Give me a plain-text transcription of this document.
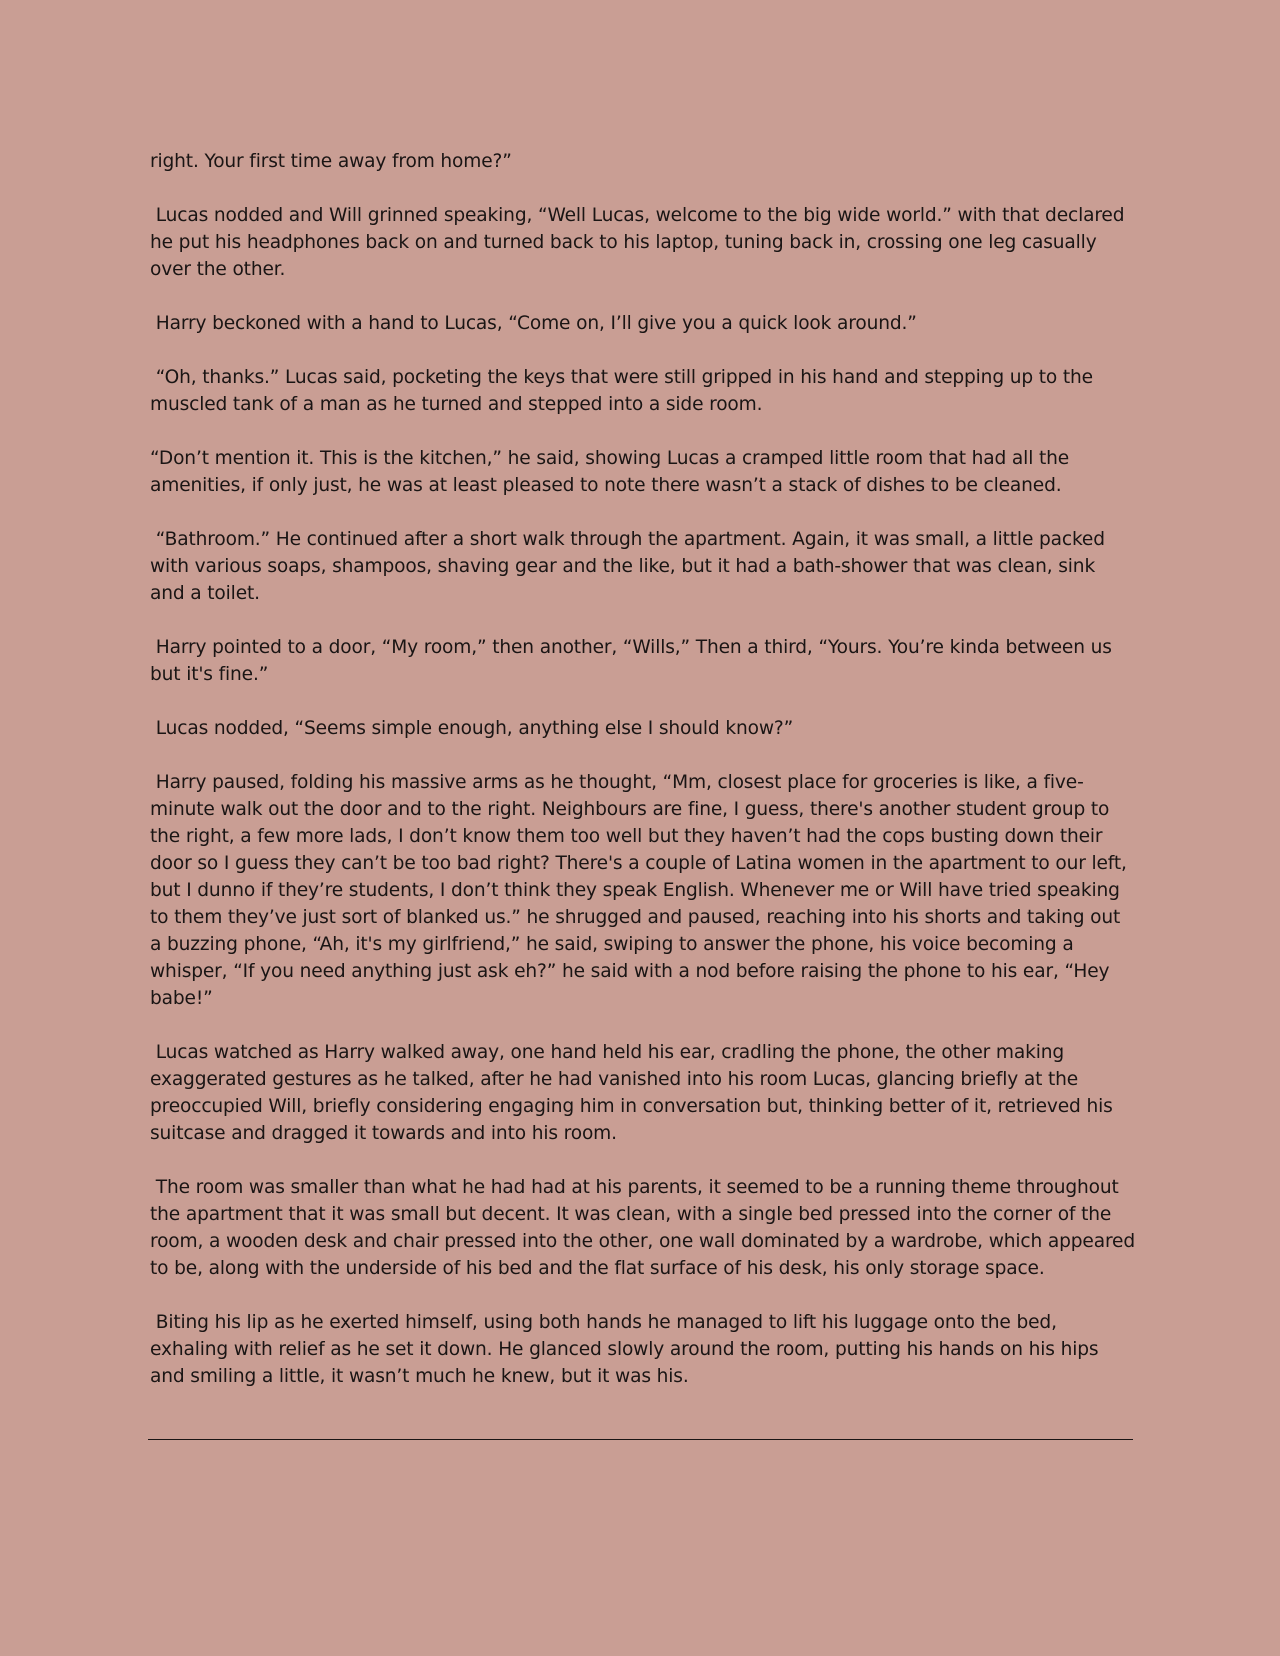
right. Your first time away from home?”

Lucas nodded and Will grinned speaking, “Well Lucas, welcome to the big wide world.” with that declared he put his headphones back on and turned back to his laptop, tuning back in, crossing one leg casually over the other.

Harry beckoned with a hand to Lucas, “Come on, I’ll give you a quick look around.”

“Oh, thanks.” Lucas said, pocketing the keys that were still gripped in his hand and stepping up to the muscled tank of a man as he turned and stepped into a side room.

“Don’t mention it. This is the kitchen,” he said, showing Lucas a cramped little room that had all the amenities, if only just, he was at least pleased to note there wasn’t a stack of dishes to be cleaned.

“Bathroom.” He continued after a short walk through the apartment. Again, it was small, a little packed with various soaps, shampoos, shaving gear and the like, but it had a bath-shower that was clean, sink and a toilet.

Harry pointed to a door, “My room,” then another, “Wills,” Then a third, “Yours. You’re kinda between us but it's fine.”

Lucas nodded, “Seems simple enough, anything else I should know?”

Harry paused, folding his massive arms as he thought, “Mm, closest place for groceries is like, a five-minute walk out the door and to the right. Neighbours are fine, I guess, there's another student group to the right, a few more lads, I don’t know them too well but they haven’t had the cops busting down their door so I guess they can’t be too bad right? There's a couple of Latina women in the apartment to our left, but I dunno if they’re students, I don’t think they speak English. Whenever me or Will have tried speaking to them they’ve just sort of blanked us.” he shrugged and paused, reaching into his shorts and taking out a buzzing phone, “Ah, it's my girlfriend,” he said, swiping to answer the phone, his voice becoming a whisper, “If you need anything just ask eh?” he said with a nod before raising the phone to his ear, “Hey babe!”

Lucas watched as Harry walked away, one hand held his ear, cradling the phone, the other making exaggerated gestures as he talked, after he had vanished into his room Lucas, glancing briefly at the preoccupied Will, briefly considering engaging him in conversation but, thinking better of it, retrieved his suitcase and dragged it towards and into his room.

The room was smaller than what he had had at his parents, it seemed to be a running theme throughout the apartment that it was small but decent. It was clean, with a single bed pressed into the corner of the room, a wooden desk and chair pressed into the other, one wall dominated by a wardrobe, which appeared to be, along with the underside of his bed and the flat surface of his desk, his only storage space.

Biting his lip as he exerted himself, using both hands he managed to lift his luggage onto the bed, exhaling with relief as he set it down. He glanced slowly around the room, putting his hands on his hips and smiling a little, it wasn’t much he knew, but it was his.
